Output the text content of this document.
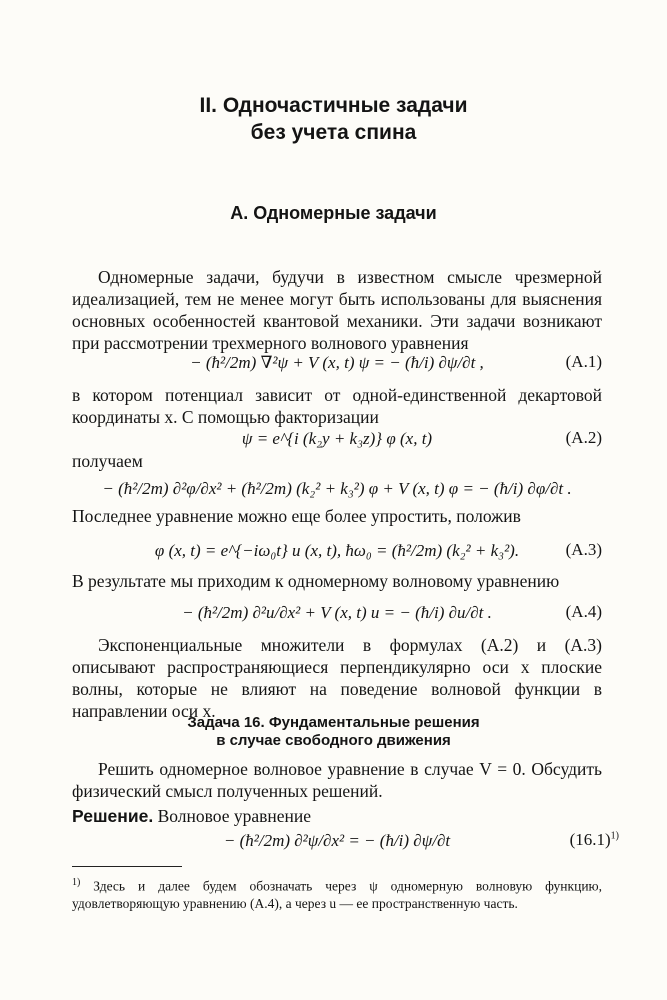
II. Одночастичные задачи
без учета спина
А. Одномерные задачи
Одномерные задачи, будучи в известном смысле чрезмерной идеализацией, тем не менее могут быть использованы для выяснения основных особенностей квантовой механики. Эти задачи возникают при рассмотрении трехмерного волнового уравнения
− (ħ²/2m) ∇²ψ + V (x, t) ψ = − (ħ/i) ∂ψ/∂t ,	(A.1)
в котором потенциал зависит от одной-единственной декартовой координаты x. С помощью факторизации
ψ = e^{i (k₂y + k₃z)} φ (x, t)	(A.2)
получаем
− (ħ²/2m) ∂²φ/∂x² + (ħ²/2m) (k₂² + k₃²) φ + V (x, t) φ = − (ħ/i) ∂φ/∂t .
Последнее уравнение можно еще более упростить, положив
φ (x, t) = e^{−iω₀t} u (x, t), ħω₀ = (ħ²/2m) (k₂² + k₃²).	(A.3)
В результате мы приходим к одномерному волновому уравнению
− (ħ²/2m) ∂²u/∂x² + V (x, t) u = − (ħ/i) ∂u/∂t .	(A.4)
Экспоненциальные множители в формулах (A.2) и (A.3) описывают распространяющиеся перпендикулярно оси x плоские волны, которые не влияют на поведение волновой функции в направлении оси x.
Задача 16. Фундаментальные решения
в случае свободного движения
Решить одномерное волновое уравнение в случае V = 0. Обсудить физический смысл полученных решений.
Решение. Волновое уравнение
− (ħ²/2m) ∂²ψ/∂x² = − (ħ/i) ∂ψ/∂t	$(16.1)^{1)}$
$^{1)}$ Здесь и далее будем обозначать через ψ одномерную волновую функцию, удовлетворяющую уравнению (A.4), а через u — ее пространственную часть.
